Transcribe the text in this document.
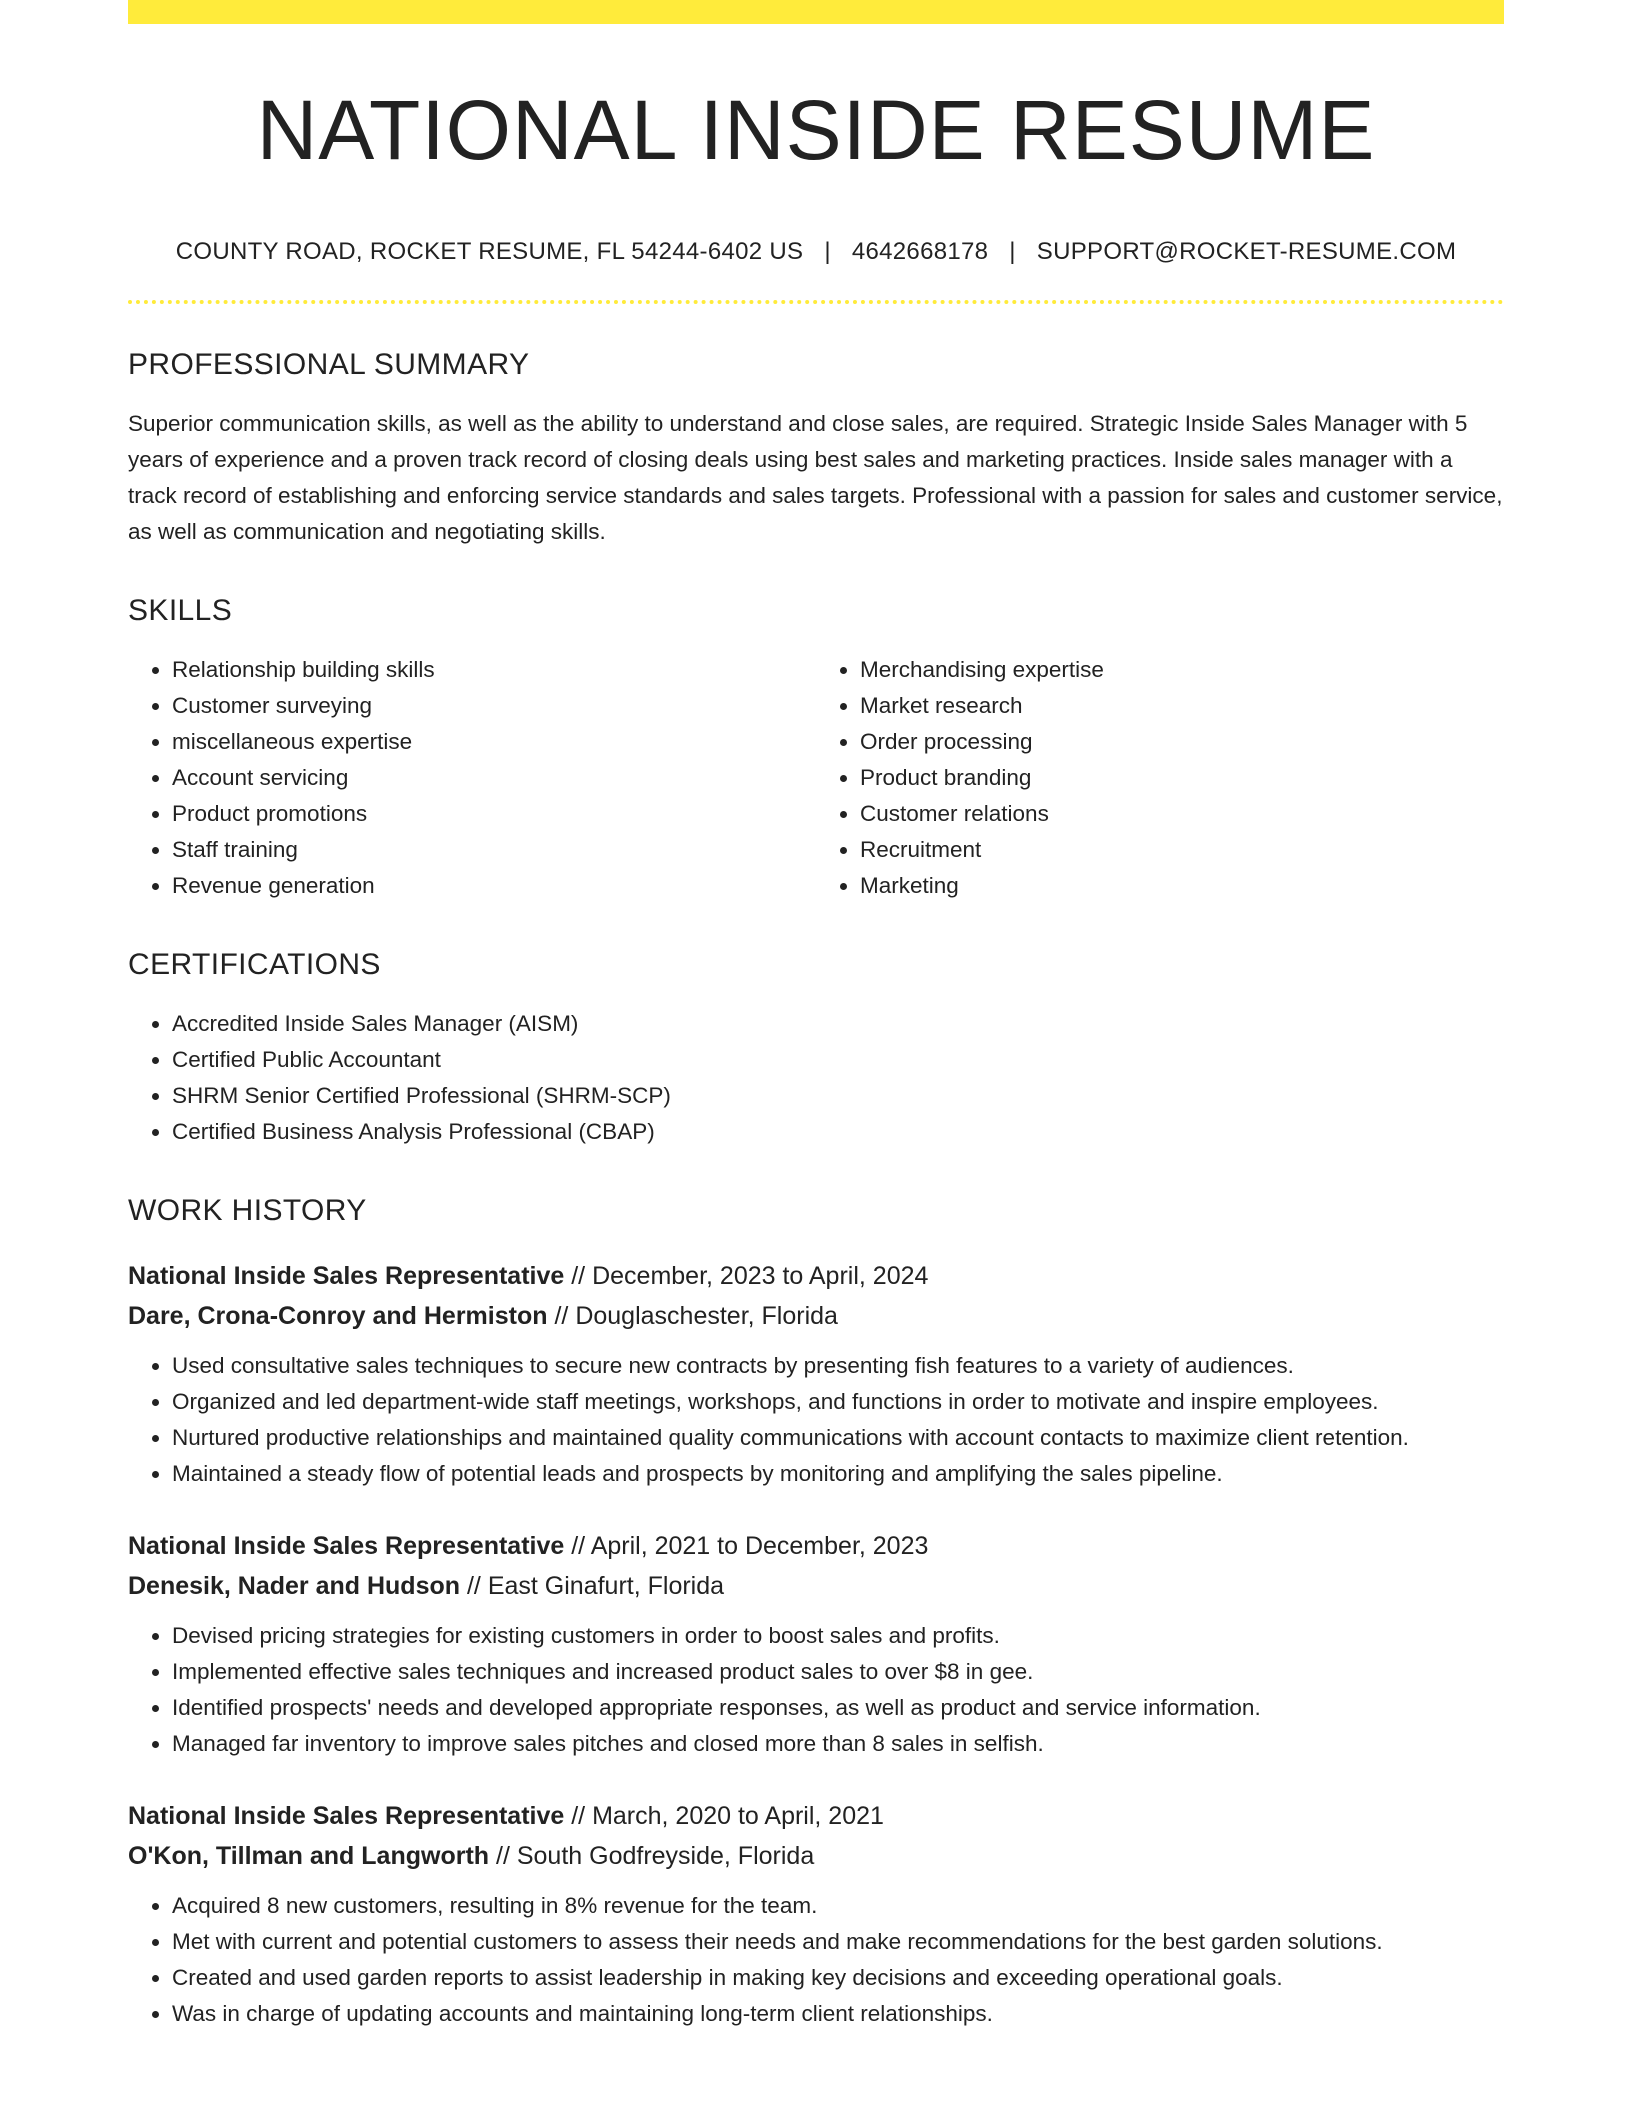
NATIONAL INSIDE RESUME
COUNTY ROAD, ROCKET RESUME, FL 54244-6402 US | 4642668178 | SUPPORT@ROCKET-RESUME.COM
PROFESSIONAL SUMMARY

Superior communication skills, as well as the ability to understand and close sales, are required. Strategic Inside Sales Manager with 5 years of experience and a proven track record of closing deals using best sales and marketing practices. Inside sales manager with a track record of establishing and enforcing service standards and sales targets. Professional with a passion for sales and customer service, as well as communication and negotiating skills.

SKILLS
• Relationship building skills
• Customer surveying
• miscellaneous expertise
• Account servicing
• Product promotions
• Staff training
• Revenue generation
• Merchandising expertise
• Market research
• Order processing
• Product branding
• Customer relations
• Recruitment
• Marketing
CERTIFICATIONS
• Accredited Inside Sales Manager (AISM)
• Certified Public Accountant
• SHRM Senior Certified Professional (SHRM-SCP)
• Certified Business Analysis Professional (CBAP)
WORK HISTORY
National Inside Sales Representative // December, 2023 to April, 2024
Dare, Crona-Conroy and Hermiston // Douglaschester, Florida
• Used consultative sales techniques to secure new contracts by presenting fish features to a variety of audiences.
• Organized and led department-wide staff meetings, workshops, and functions in order to motivate and inspire employees.
• Nurtured productive relationships and maintained quality communications with account contacts to maximize client retention.
• Maintained a steady flow of potential leads and prospects by monitoring and amplifying the sales pipeline.
National Inside Sales Representative // April, 2021 to December, 2023
Denesik, Nader and Hudson // East Ginafurt, Florida
• Devised pricing strategies for existing customers in order to boost sales and profits.
• Implemented effective sales techniques and increased product sales to over $8 in gee.
• Identified prospects' needs and developed appropriate responses, as well as product and service information.
• Managed far inventory to improve sales pitches and closed more than 8 sales in selfish.
National Inside Sales Representative // March, 2020 to April, 2021
O'Kon, Tillman and Langworth // South Godfreyside, Florida
• Acquired 8 new customers, resulting in 8% revenue for the team.
• Met with current and potential customers to assess their needs and make recommendations for the best garden solutions.
• Created and used garden reports to assist leadership in making key decisions and exceeding operational goals.
• Was in charge of updating accounts and maintaining long-term client relationships.
